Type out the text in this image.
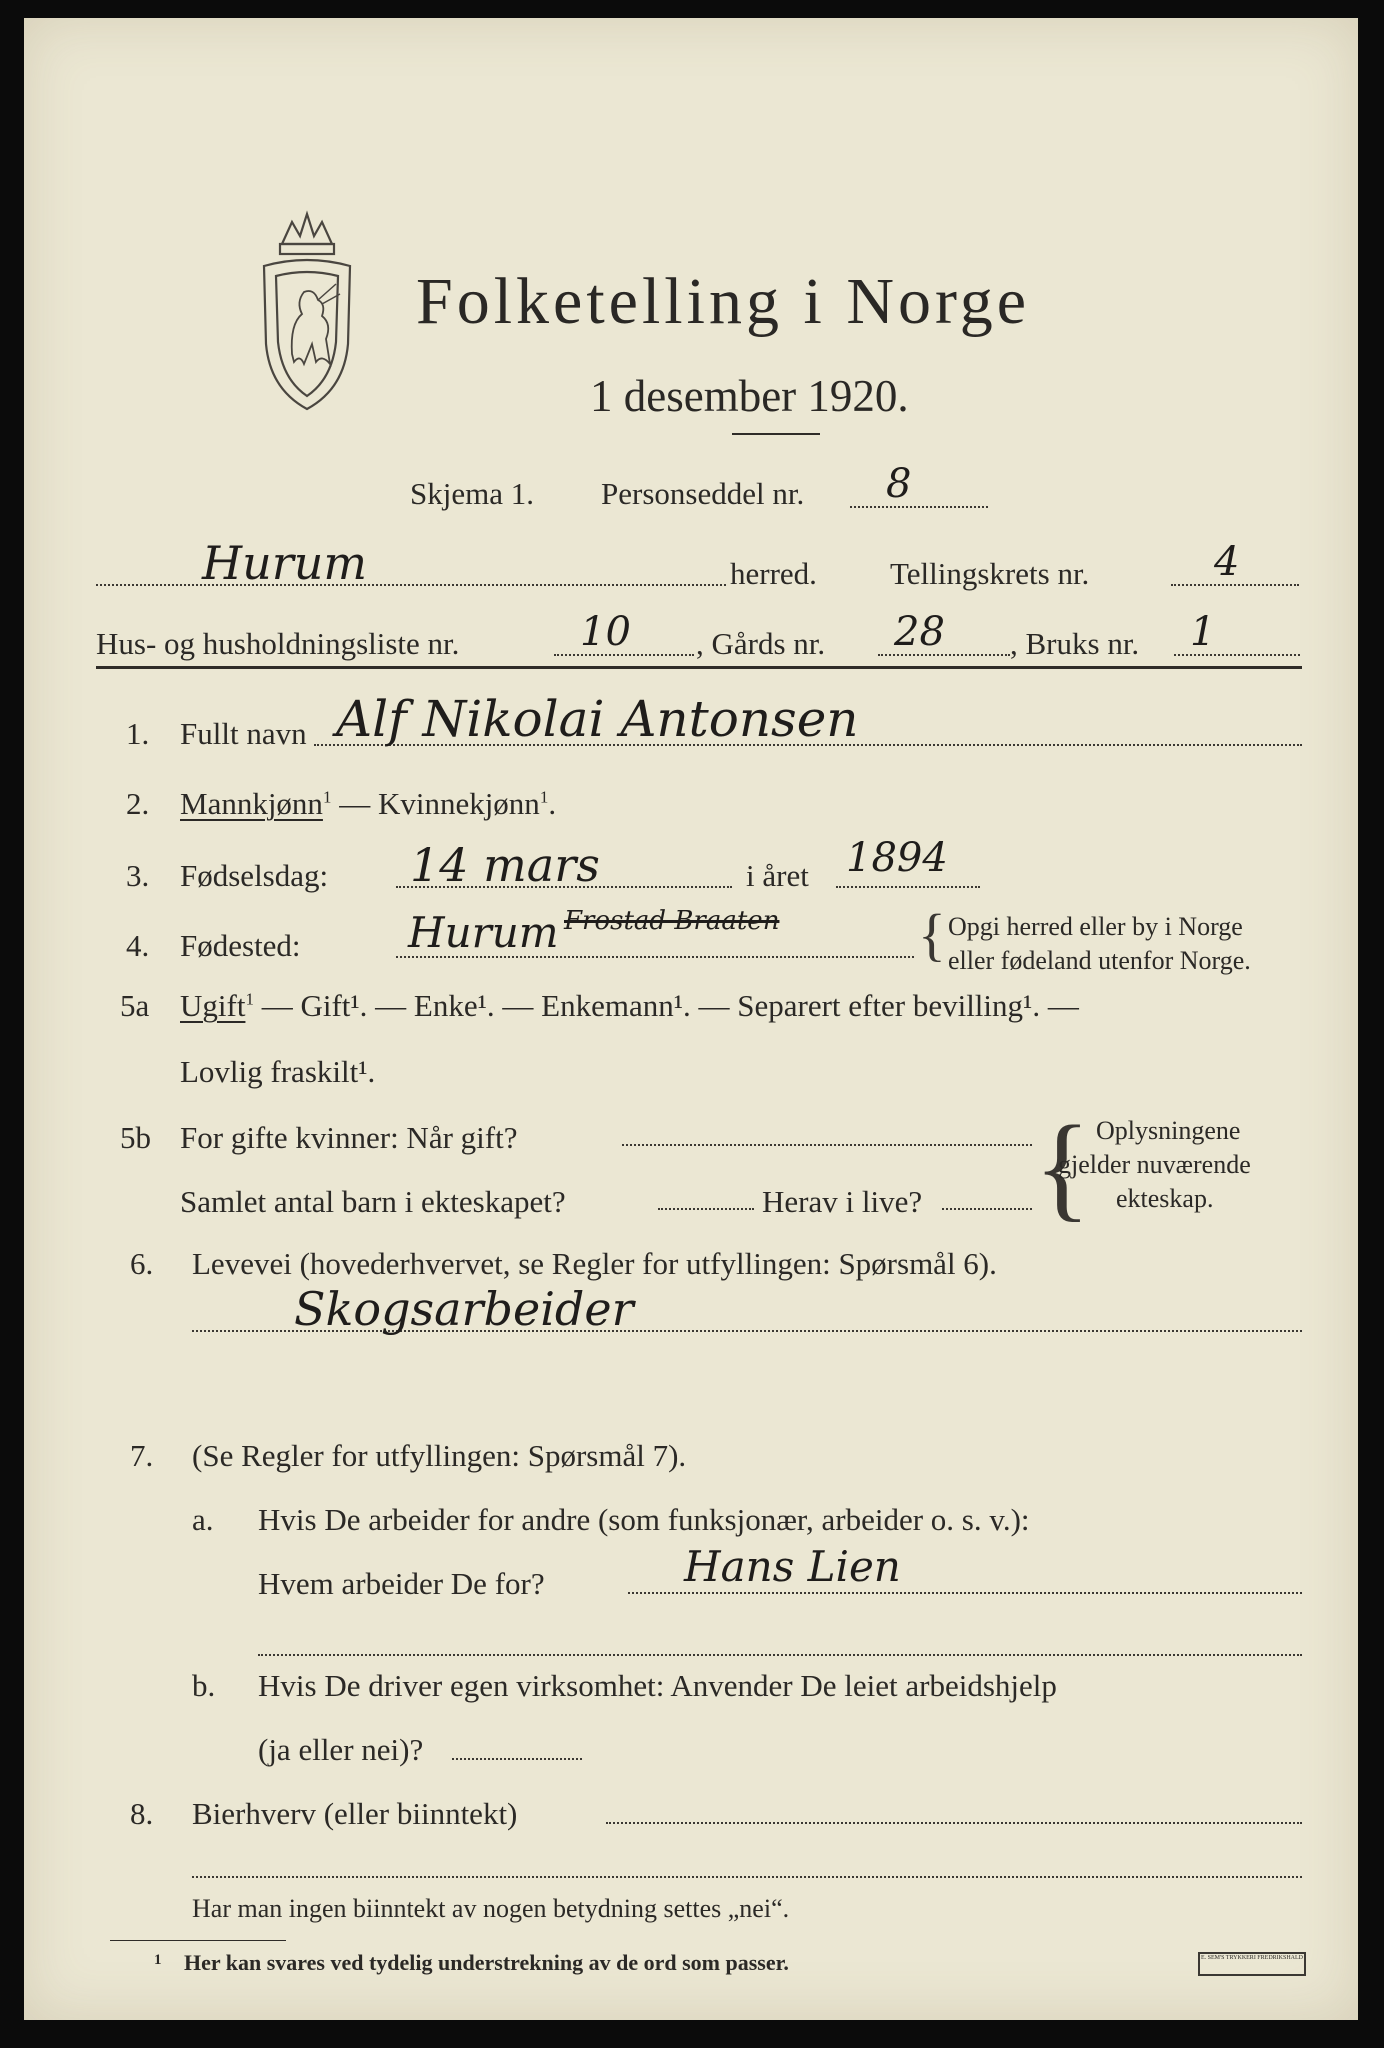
Folketelling i Norge
1 desember 1920.
Skjema 1. Personseddel nr. 8
Hurum	herred. Tellingskrets nr.	4
Hus- og husholdningsliste nr.	10 , Gårds nr. 28 , Bruks nr. 1
1. Fullt navn Alf Nikolai Antonsen
2. Mannkjønn$^1$ — Kvinnekjønn$^1$.
3. Fødselsdag: 14 mars	i året 1894
4. Fødested:	Hurum Frostad Braaten { Opgi herred eller by i Norge
eller fødeland utenfor Norge.
5a Ugift$^1$ — Gift¹. — Enke¹. — Enkemann¹. — Separert efter bevilling¹. —
Lovlig fraskilt¹.
5b For gifte kvinner: Når gift?
Samlet antal barn i ekteskapet?	Herav i live? { Oplysningene
gjelder nuværende
ekteskap.
6. Levevei (hovederhvervet, se Regler for utfyllingen: Spørsmål 6).
Skogsarbeider
7. (Se Regler for utfyllingen: Spørsmål 7).
a. Hvis De arbeider for andre (som funksjonær, arbeider o. s. v.):
Hvem arbeider De for?	Hans Lien
b. Hvis De driver egen virksomhet: Anvender De leiet arbeidshjelp
(ja eller nei)?
8. Bierhverv (eller biinntekt)
Har man ingen biinntekt av nogen betydning settes „nei“.
1 Her kan svares ved tydelig understrekning av de ord som passer.	E. SEM'S TRYKKERI FREDRIKSHALD
